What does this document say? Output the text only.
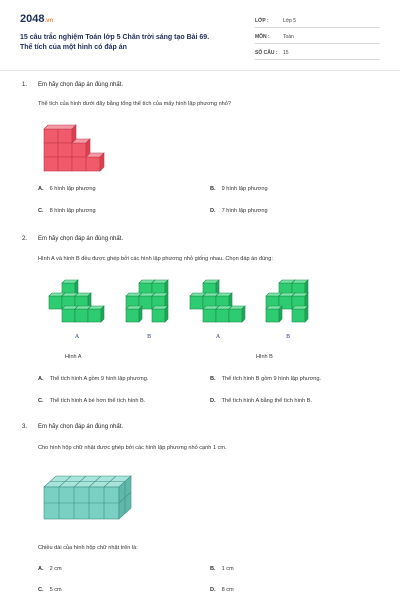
2048.vn
15 câu trắc nghiệm Toán lớp 5 Chân trời sáng tạo Bài 69.
Thể tích của một hình có đáp án
LỚP :	Lớp 5
MÔN :	Toán
SỐ CÂU : 15
1. Em hãy chọn đáp án đúng nhất.
Thể tích của hình dưới đây bằng tổng thể tích của mấy hình lập phương nhỏ?
A. 6 hình lập phương	B. 9 hình lập phương
C. 8 hình lập phương	D. 7 hình lập phương
2. Em hãy chọn đáp án đúng nhất.
Hình A và hình B đều được ghép bởi các hình lập phương nhỏ giống nhau. Chọn đáp án đúng:
A	B	A	B
Hình A	Hình B
A. Thể tích hình A gồm 9 hình lập phương.	B. Thể tích hình B gồm 9 hình lập phương.
C. Thể tích hình A bé hơn thể tích hình B.	D. Thể tích hình A bằng thể tích hình B.
3. Em hãy chọn đáp án đúng nhất.
Cho hình hộp chữ nhật được ghép bởi các hình lập phương nhỏ cạnh 1 cm.
Chiều dài của hình hộp chữ nhật trên là:
A. 2 cm	B. 1 cm
C. 5 cm	D. 8 cm
